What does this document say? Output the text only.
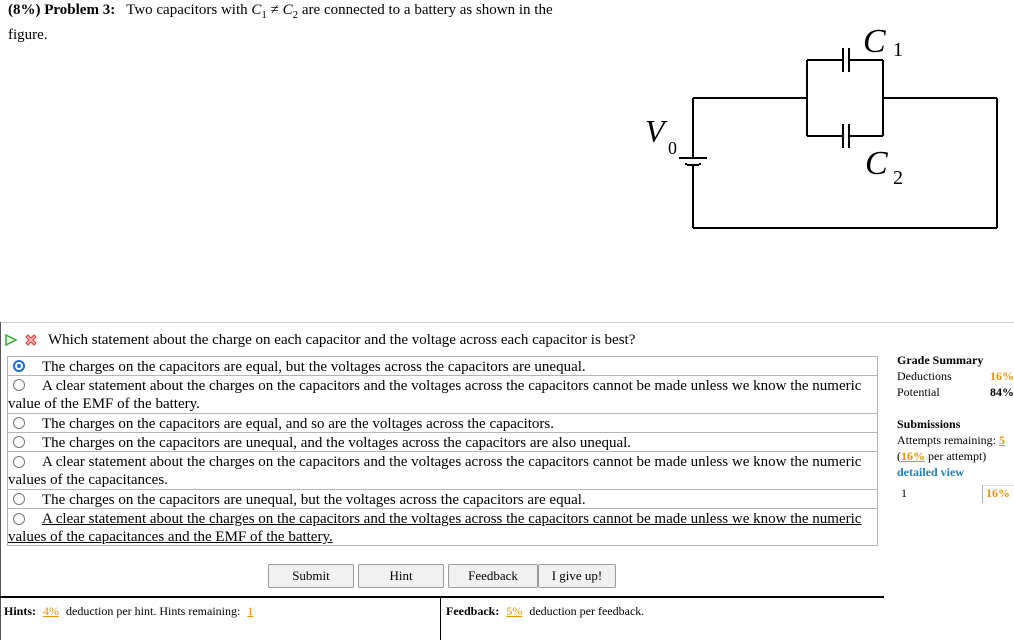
(8%) Problem 3: Two capacitors with $C_1 \ne C_2$ are connected to a battery as shown in the
figure.	C 1
C 2
V 0
Which statement about the charge on each capacitor and the voltage across each capacitor is best?
The charges on the capacitors are equal, but the voltages across the capacitors are unequal.
A clear statement about the charges on the capacitors and the voltages across the capacitors cannot be made unless we know the numeric value of the EMF of the battery.
The charges on the capacitors are equal, and so are the voltages across the capacitors.
The charges on the capacitors are unequal, and the voltages across the capacitors are also unequal.
A clear statement about the charges on the capacitors and the voltages across the capacitors cannot be made unless we know the numeric values of the capacitances.
The charges on the capacitors are unequal, but the voltages across the capacitors are equal.
A clear statement about the charges on the capacitors and the voltages across the capacitors cannot be made unless we know the numeric values of the capacitances and the EMF of the battery.
Submit	Hint	Feedback	I give up!
Hints: 4% deduction per hint. Hints remaining: 1	Feedback: 5% deduction per feedback.
Grade Summary
Deductions	16%
Potential	84%
Submissions
Attempts remaining: 5
(16% per attempt)
detailed view
1	16%
